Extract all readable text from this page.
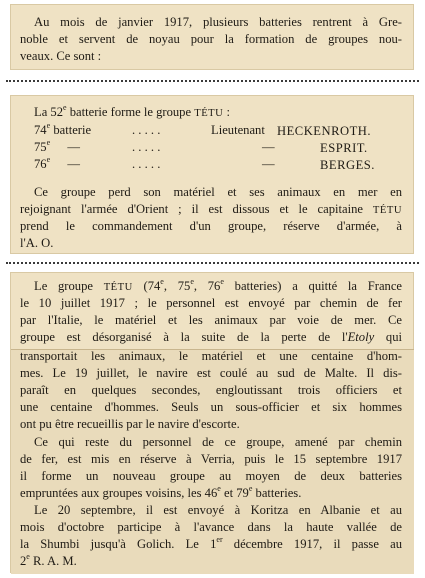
Au mois de janvier 1917, plusieurs batteries rentrent à Gre-
noble et servent de noyau pour la formation de groupes nou-
veaux. Ce sont :
La 52e batterie forme le groupe TÉTU :
74e batterie	. . . . .	Lieutenant HECKENROTH.
75e —	. . . . .	—	ESPRIT.
76e —	. . . . .	—	BERGES.
Ce groupe perd son matériel et ses animaux en mer en
rejoignant l'armée d'Orient ; il est dissous et le capitaine TÉTU
prend le commandement d'un groupe, réserve d'armée, à
l'A. O.
Le groupe TÉTU (74e, 75e, 76e batteries) a quitté la France
le 10 juillet 1917 ; le personnel est envoyé par chemin de fer
par l'Italie, le matériel et les animaux par voie de mer. Ce
groupe est désorganisé à la suite de la perte de l'Etoly qui
transportait les animaux, le matériel et une centaine d'hom-
mes. Le 19 juillet, le navire est coulé au sud de Malte. Il dis-
paraît en quelques secondes, engloutissant trois officiers et
une centaine d'hommes. Seuls un sous-officier et six hommes
ont pu être recueillis par le navire d'escorte.
Ce qui reste du personnel de ce groupe, amené par chemin
de fer, est mis en réserve à Verria, puis le 15 septembre 1917
il forme un nouveau groupe au moyen de deux batteries
empruntées aux groupes voisins, les 46e et 79e batteries.
Le 20 septembre, il est envoyé à Koritza en Albanie et au
mois d'octobre participe à l'avance dans la haute vallée de
la Shumbi jusqu'à Golich. Le 1er décembre 1917, il passe au
2e R. A. M.
